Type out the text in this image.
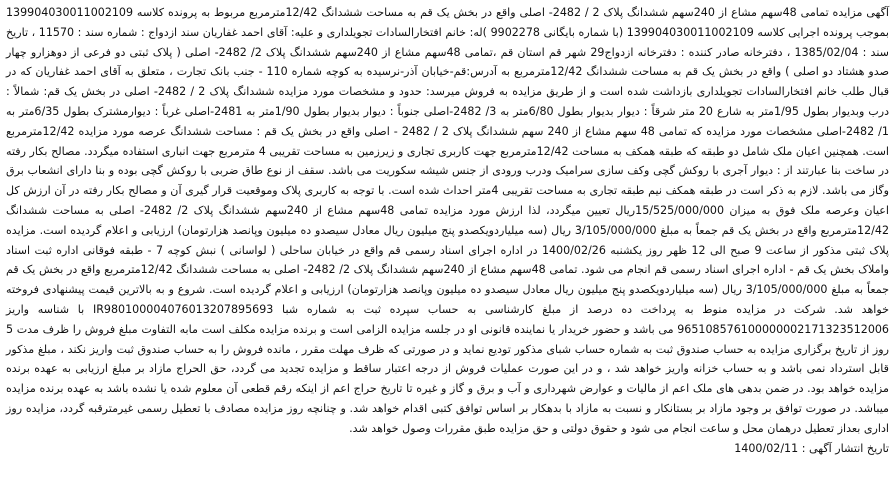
آگهی مزایده تمامی 48سهم مشاع از 240سهم ششدانگ پلاک 2 / 2482- اصلی واقع در بخش یک قم به مساحت ششدانگ 12/42مترمربع مربوط به پرونده کلاسه 139904030011002109 بموجب پرونده اجرایی کلاسه 139904030011002109 (با شماره بایگانی 9902278 )له: خانم افتخارالسادات تجویلداری و علیه: آقای احمد غفاریان سند ازدواج : شماره سند : 11570 ، تاریخ سند : 1385/02/04 ، دفترخانه صادر کننده : دفترخانه ازدواج29 شهر قم استان قم ،تمامی 48سهم مشاع از 240سهم ششدانگ پلاک 2/ 2482- اصلی ( پلاک ثبتی دو فرعی از دوهزارو چهار صدو هشتاد دو اصلی ) واقع در بخش یک قم به مساحت ششدانگ 12/42مترمربع به آدرس:قم-خیابان آذر-نرسیده به کوچه شماره 110 - جنب بانک تجارت ، متعلق به آقای احمد غفاریان که در قبال طلب خانم افتخارالسادات تجویلداری بازداشت شده است و از طریق مزایده به فروش میرسد: حدود و مشخصات مورد مزایده ششدانگ پلاک 2 / 2482- اصلی در بخش یک قم: شمالاً : درب وبدیوار بطول 1/95متر به شارع 20 متر شرقاً : دیوار بدیوار بطول 6/80متر به 3/ 2482-اصلی جنوباً : دیوار بدیوار بطول 1/90متر به 2481-اصلی غرباً : دیوارمشترک بطول 6/35متر به 1/ 2482-اصلی مشخصات مورد مزایده که تمامی 48 سهم مشاع از 240 سهم ششدانگ پلاک 2 / 2482 - اصلی واقع در بخش یک قم : مساحت ششدانگ عرصه مورد مزایده 12/42مترمربع است. همچنین اعیان ملک شامل دو طبقه که طبقه همکف به مساحت 12/42مترمربع جهت کاربری تجاری و زیرزمین به مساحت تقریبی 4 مترمربع جهت انباری استفاده میگردد. مصالح بکار رفته در ساخت بنا عبارتند از : دیوار آجری با روکش گچی وکف سازی سرامیک ودرب ورودی از جنس شیشه سکوریت می باشد. سقف از نوع طاق ضربی با روکش گچی بوده و بنا دارای انشعاب برق وگاز می باشد. لازم به ذکر است در طبقه همکف نیم طبقه تجاری به مساحت تقریبی 4متر احداث شده است. با توجه به کاربری پلاک وموقعیت قرار گیری آن و مصالح بکار رفته در آن ارزش کل اعیان وعرصه ملک فوق به میزان 15/525/000/000ریال تعیین میگردد، لذا ارزش مورد مزایده تمامی 48سهم مشاع از 240سهم ششدانگ پلاک 2/ 2482- اصلی به مساحت ششدانگ 12/42مترمربع واقع در بخش یک قم جمعاً به مبلغ 3/105/000/000 ریال (سه میلیاردویکصدو پنج میلیون ریال معادل سیصدو ده میلیون وپانصد هزارتومان) ارزیابی و اعلام گردیده است. مزایده پلاک ثبتی مذکور از ساعت 9 صبح الی 12 ظهر روز یکشنبه 1400/02/26 در اداره اجرای اسناد رسمی قم واقع در خیابان ساحلی ( لواسانی ) نبش کوچه 7 - طبقه فوقانی اداره ثبت اسناد واملاک بخش یک قم - اداره اجرای اسناد رسمی قم انجام می شود. تمامی 48سهم مشاع از 240سهم ششدانگ پلاک 2/ 2482- اصلی به مساحت ششدانگ 12/42مترمربع واقع در بخش یک قم جمعاً به مبلغ 3/105/000/000 ریال (سه میلیاردویکصدو پنج میلیون ریال معادل سیصدو ده میلیون وپانصد هزارتومان) ارزیابی و اعلام گردیده است. شروع و به بالاترین قیمت پیشنهادی فروخته خواهد شد. شرکت در مزایده منوط به پرداخت ده درصد از مبلغ کارشناسی به حساب سپرده ثبت به شماره شبا IR980100004076013207895693 با شناسه واریز 965108576100000002171323512006 می باشد و حضور خریدار یا نماینده قانونی او در جلسه مزایده الزامی است و برنده مزایده مکلف است مابه التفاوت مبلغ فروش را ظرف مدت 5 روز از تاریخ برگزاری مزایده به حساب صندوق ثبت به شماره حساب شبای مذکور تودیع نماید و در صورتی که ظرف مهلت مقرر ، مانده فروش را به حساب صندوق ثبت واریز نکند ، مبلغ مذکور قابل استرداد نمی باشد و به حساب خزانه واریز خواهد شد ، و در این صورت عملیات فروش از درجه اعتبار ساقط و مزایده تجدید می گردد، حق الحراج مازاد بر مبلغ ارزیابی به عهده برنده مزایده خواهد بود. در ضمن بدهی های ملک اعم از مالیات و عوارض شهرداری و آب و برق و گاز و غیره تا تاریخ حراج اعم از اینکه رقم قطعی آن معلوم شده یا نشده باشد به عهده برنده مزایده میباشد. در صورت توافق بر وجود مازاد بر بستانکار و نسبت به مازاد با بدهکار بر اساس توافق کتبی اقدام خواهد شد. و چنانچه روز مزایده مصادف با تعطیل رسمی غیرمترقبه گردد، مزایده روز اداری بعداز تعطیل درهمان محل و ساعت انجام می شود و حقوق دولتی و حق مزایده طبق مقررات وصول خواهد شد.
تاریخ انتشار آگهی : 1400/02/11
